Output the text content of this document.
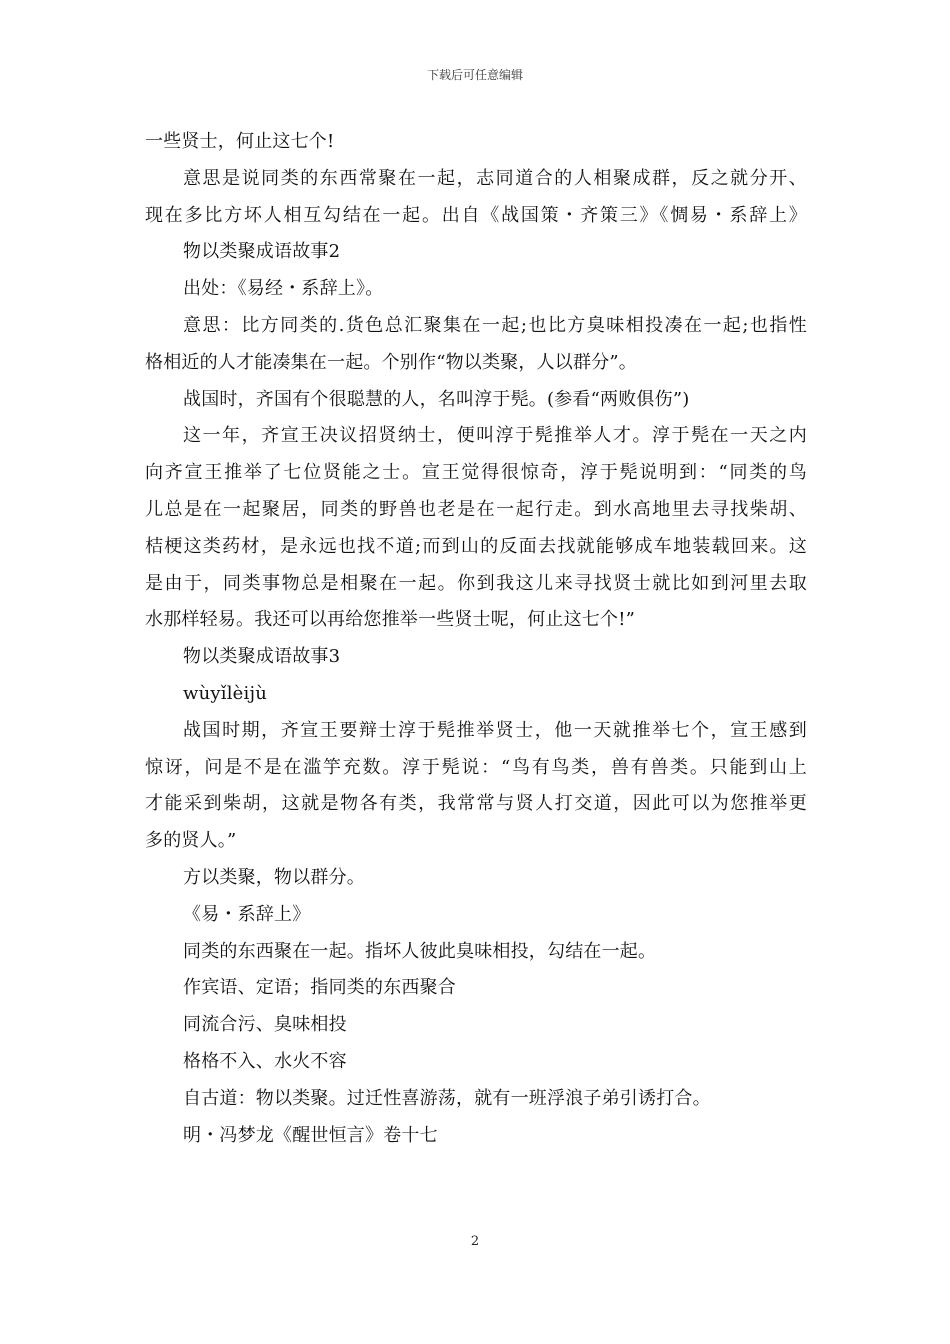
下载后可任意编辑
一些贤士，何止这七个!
意思是说同类的东西常聚在一起，志同道合的人相聚成群，反之就分开、
现在多比方坏人相互勾结在一起。出自《战国策・齐策三》《惆易・系辞上》
物以类聚成语故事2
出处：《易经・系辞上》。
意思：比方同类的.货色总汇聚集在一起;也比方臭味相投凑在一起;也指性
格相近的人才能凑集在一起。个别作“物以类聚，人以群分”。
战国时，齐国有个很聪慧的人，名叫淳于髡。(参看“两败俱伤”)
这一年，齐宣王决议招贤纳士，便叫淳于髡推举人才。淳于髡在一天之内
向齐宣王推举了七位贤能之士。宣王觉得很惊奇，淳于髡说明到：“同类的鸟
儿总是在一起聚居，同类的野兽也老是在一起行走。到水高地里去寻找柴胡、
桔梗这类药材，是永远也找不道;而到山的反面去找就能够成车地装载回来。这
是由于，同类事物总是相聚在一起。你到我这儿来寻找贤士就比如到河里去取
水那样轻易。我还可以再给您推举一些贤士呢，何止这七个!”
物以类聚成语故事3
wùyǐlèijù
战国时期，齐宣王要辩士淳于髡推举贤士，他一天就推举七个，宣王感到
惊讶，问是不是在滥竽充数。淳于髡说：“鸟有鸟类，兽有兽类。只能到山上
才能采到柴胡，这就是物各有类，我常常与贤人打交道，因此可以为您推举更
多的贤人。”
方以类聚，物以群分。
《易・系辞上》
同类的东西聚在一起。指坏人彼此臭味相投，勾结在一起。
作宾语、定语；指同类的东西聚合
同流合污、臭味相投
格格不入、水火不容
自古道：物以类聚。过迁性喜游荡，就有一班浮浪子弟引诱打合。
明・冯梦龙《醒世恒言》卷十七
2
